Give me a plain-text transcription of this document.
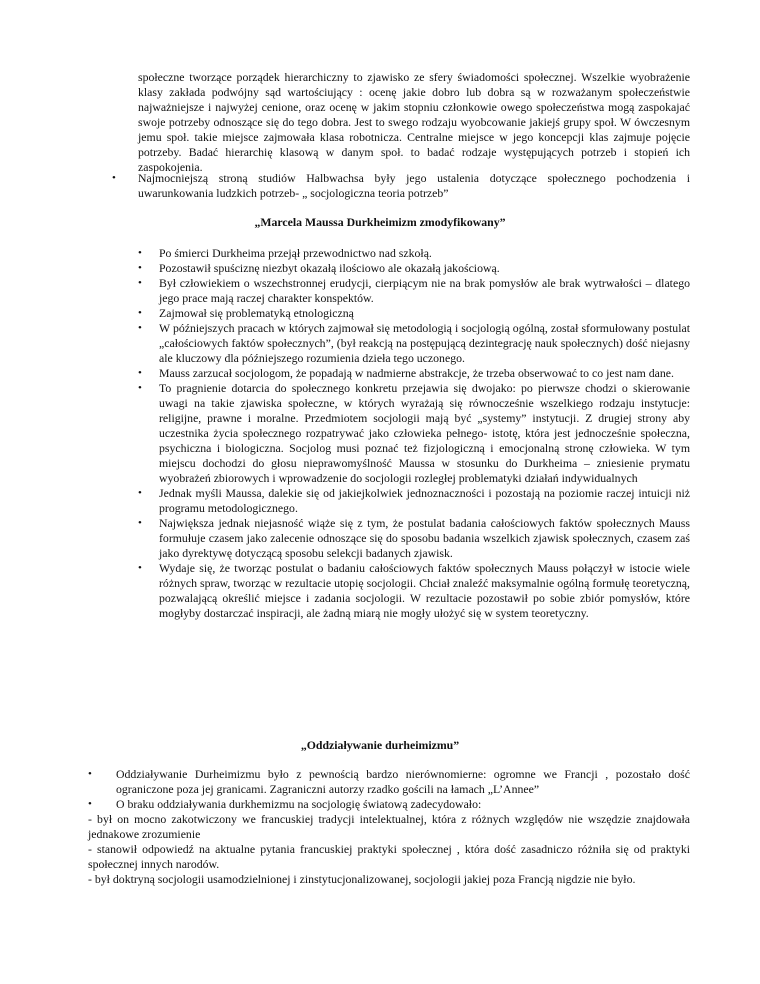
społeczne tworzące porządek hierarchiczny to zjawisko ze sfery świadomości społecznej. Wszelkie wyobrażenie klasy zakłada podwójny sąd wartościujący : ocenę jakie dobro lub dobra są w rozważanym społeczeństwie najważniejsze i najwyżej cenione, oraz ocenę w jakim stopniu członkowie owego społeczeństwa mogą zaspokajać swoje potrzeby odnoszące się do tego dobra. Jest to swego rodzaju wyobcowanie jakiejś grupy społ. W ówczesnym jemu społ. takie miejsce zajmowała klasa robotnicza. Centralne miejsce w jego koncepcji klas zajmuje pojęcie potrzeby. Badać hierarchię klasową w danym społ. to badać rodzaje występujących potrzeb i stopień ich zaspokojenia.

• Najmocniejszą stroną studiów Halbwachsa były jego ustalenia dotyczące społecznego pochodzenia i uwarunkowania ludzkich potrzeb- „ socjologiczna teoria potrzeb”

„Marcela Maussa Durkheimizm zmodyfikowany”

• Po śmierci Durkheima przejął przewodnictwo nad szkołą.
• Pozostawił spuściznę niezbyt okazałą ilościowo ale okazałą jakościową.
• Był człowiekiem o wszechstronnej erudycji, cierpiącym nie na brak pomysłów ale brak wytrwałości – dlatego jego prace mają raczej charakter konspektów.
• Zajmował się problematyką etnologiczną
• W późniejszych pracach w których zajmował się metodologią i socjologią ogólną, został sformułowany postulat „całościowych faktów społecznych”, (był reakcją na postępującą dezintegrację nauk społecznych) dość niejasny ale kluczowy dla późniejszego rozumienia dzieła tego uczonego.
• Mauss zarzucał socjologom, że popadają w nadmierne abstrakcje, że trzeba obserwować to co jest nam dane.
• To pragnienie dotarcia do społecznego konkretu przejawia się dwojako: po pierwsze chodzi o skierowanie uwagi na takie zjawiska społeczne, w których wyrażają się równocześnie wszelkiego rodzaju instytucje: religijne, prawne i moralne. Przedmiotem socjologii mają być „systemy” instytucji. Z drugiej strony aby uczestnika życia społecznego rozpatrywać jako człowieka pełnego- istotę, która jest jednocześnie społeczna, psychiczna i biologiczna. Socjolog musi poznać też fizjologiczną i emocjonalną stronę człowieka. W tym miejscu dochodzi do głosu nieprawomyślność Maussa w stosunku do Durkheima – zniesienie prymatu wyobrażeń zbiorowych i wprowadzenie do socjologii rozległej problematyki działań indywidualnych
• Jednak myśli Maussa, dalekie się od jakiejkolwiek jednoznaczności i pozostają na poziomie raczej intuicji niż programu metodologicznego.
• Największa jednak niejasność wiąże się z tym, że postulat badania całościowych faktów społecznych Mauss formułuje czasem jako zalecenie odnoszące się do sposobu badania wszelkich zjawisk społecznych, czasem zaś jako dyrektywę dotyczącą sposobu selekcji badanych zjawisk.
• Wydaje się, że tworząc postulat o badaniu całościowych faktów społecznych Mauss połączył w istocie wiele różnych spraw, tworząc w rezultacie utopię socjologii. Chciał znaleźć maksymalnie ogólną formułę teoretyczną, pozwalającą określić miejsce i zadania socjologii. W rezultacie pozostawił po sobie zbiór pomysłów, które mogłyby dostarczać inspiracji, ale żadną miarą nie mogły ułożyć się w system teoretyczny.

„Oddziaływanie durheimizmu”

• Oddziaływanie Durheimizmu było z pewnością bardzo nierównomierne: ogromne we Francji , pozostało dość ograniczone poza jej granicami. Zagraniczni autorzy rzadko gościli na łamach „L’Annee”
• O braku oddziaływania durkhemizmu na socjologię światową zadecydowało:

- był on mocno zakotwiczony we francuskiej tradycji intelektualnej, która z różnych względów nie wszędzie znajdowała jednakowe zrozumienie

- stanowił odpowiedź na aktualne pytania francuskiej praktyki społecznej , która dość zasadniczo różniła się od praktyki społecznej innych narodów.

- był doktryną socjologii usamodzielnionej i zinstytucjonalizowanej, socjologii jakiej poza Francją nigdzie nie było.
